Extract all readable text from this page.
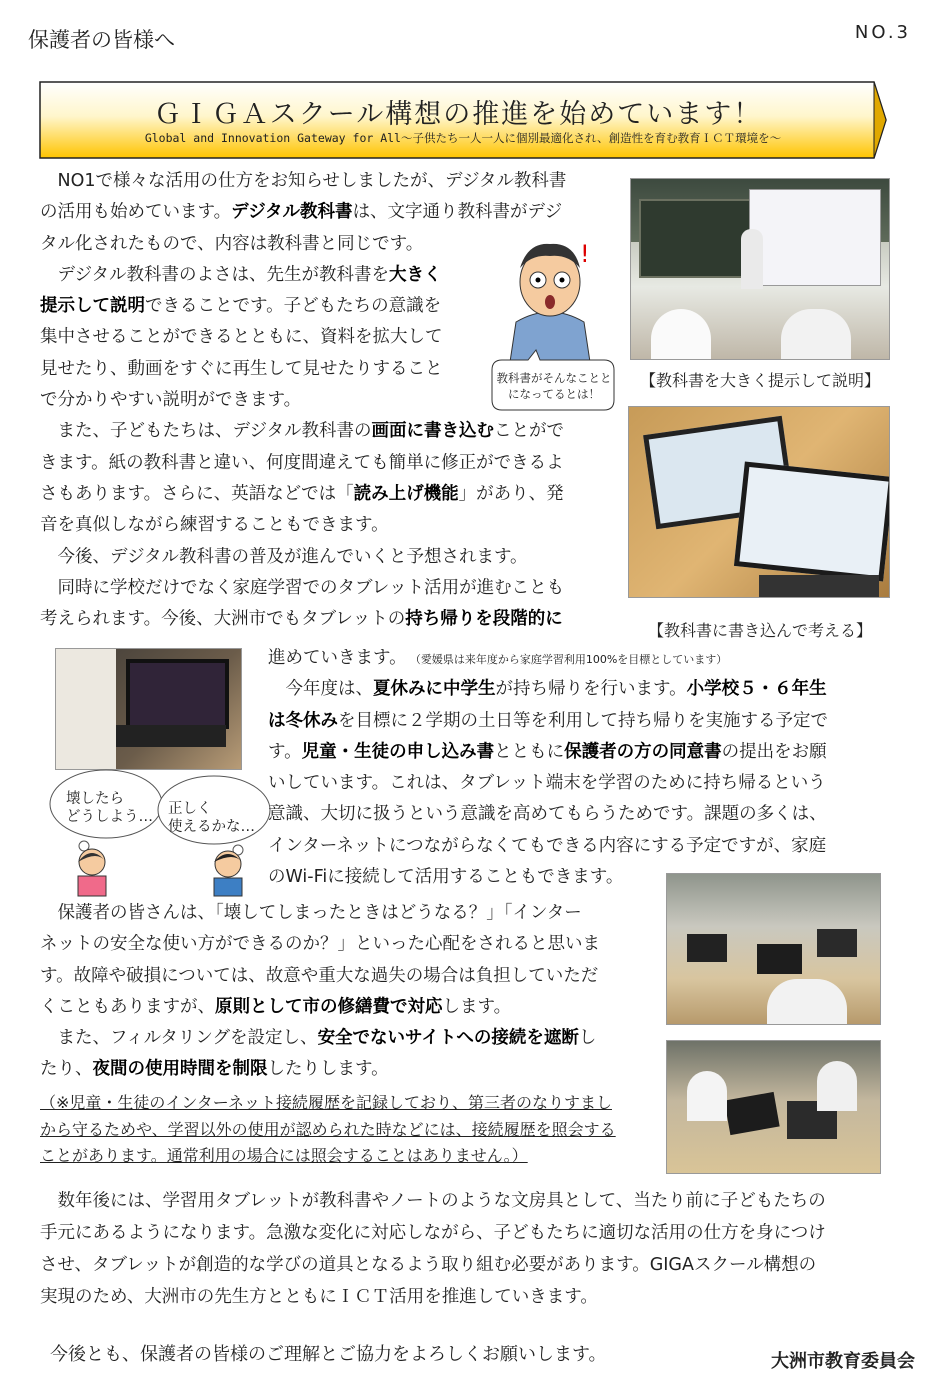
保護者の皆様へ	NO.3
ＧＩＧＡスクール構想の推進を始めています！
Global and Innovation Gateway for All～子供たち一人一人に個別最適化され、創造性を育む教育ＩＣＴ環境を～
　NO1で様々な活用の仕方をお知らせしましたが、デジタル教科書
の活用も始めています。デジタル教科書は、文字通り教科書がデジ
タル化されたもので、内容は教科書と同じです。
　デジタル教科書のよさは、先生が教科書を大きく
提示して説明できることです。子どもたちの意識を
集中させることができるとともに、資料を拡大して
見せたり、動画をすぐに再生して見せたりすること
で分かりやすい説明ができます。
　また、子どもたちは、デジタル教科書の画面に書き込むことがで
きます。紙の教科書と違い、何度間違えても簡単に修正ができるよ
さもあります。さらに、英語などでは「読み上げ機能」があり、発
音を真似しながら練習することもできます。
　今後、デジタル教科書の普及が進んでいくと予想されます。
　同時に学校だけでなく家庭学習でのタブレット活用が進むことも
考えられます。今後、大洲市でもタブレットの持ち帰りを段階的に
【教科書を大きく提示して説明】
【教科書に書き込んで考える】
!
教科書がそんなことと
になってるとは！
壊したら
どうしよう… 正しく
使えるかな…
進めていきます。　（愛媛県は来年度から家庭学習利用100%を目標としています）
　今年度は、夏休みに中学生が持ち帰りを行います。小学校５・６年生
は冬休みを目標に２学期の土日等を利用して持ち帰りを実施する予定で
す。児童・生徒の申し込み書とともに保護者の方の同意書の提出をお願
いしています。これは、タブレット端末を学習のために持ち帰るという
意識、大切に扱うという意識を高めてもらうためです。課題の多くは、
インターネットにつながらなくてもできる内容にする予定ですが、家庭
のWi-Fiに接続して活用することもできます。
　保護者の皆さんは、「壊してしまったときはどうなる？」「インター
ネットの安全な使い方ができるのか？」といった心配をされると思いま
す。故障や破損については、故意や重大な過失の場合は負担していただ
くこともありますが、原則として市の修繕費で対応します。
　また、フィルタリングを設定し、安全でないサイトへの接続を遮断し
たり、夜間の使用時間を制限したりします。
（※児童・生徒のインターネット接続履歴を記録しており、第三者のなりすまし
から守るためや、学習以外の使用が認められた時などには、接続履歴を照会する
ことがあります。通常利用の場合には照会することはありません。）
　数年後には、学習用タブレットが教科書やノートのような文房具として、当たり前に子どもたちの
手元にあるようになります。急激な変化に対応しながら、子どもたちに適切な活用の仕方を身につけ
させ、タブレットが創造的な学びの道具となるよう取り組む必要があります。GIGAスクール構想の
実現のため、大洲市の先生方とともにＩＣＴ活用を推進していきます。
今後とも、保護者の皆様のご理解とご協力をよろしくお願いします。	大洲市教育委員会
